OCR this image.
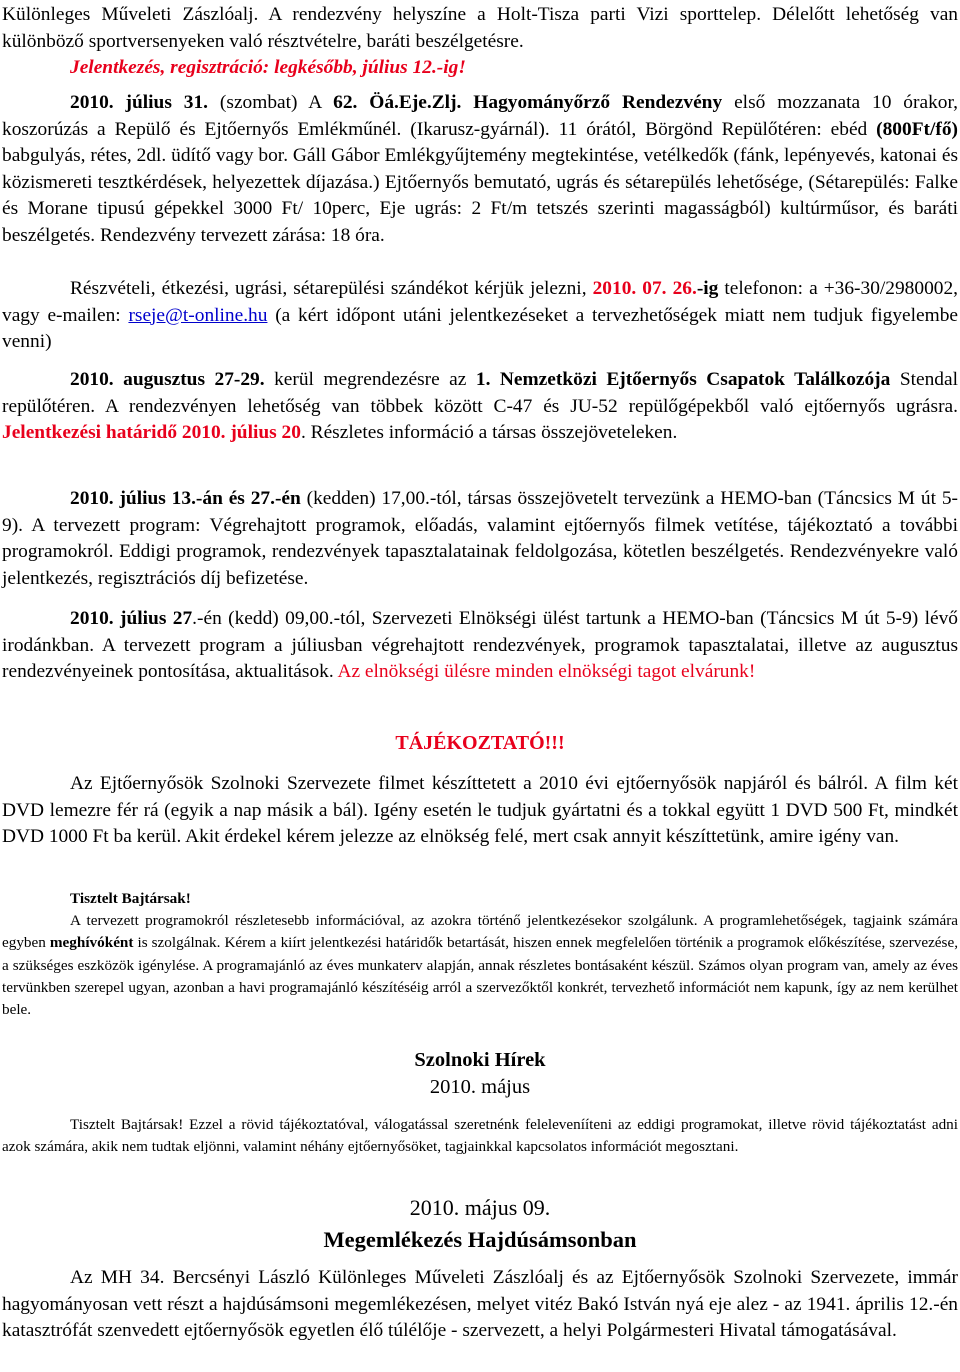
Különleges Műveleti Zászlóalj. A rendezvény helyszíne a Holt-Tisza parti Vizi sporttelep. Délelőtt lehetőség van különböző sportversenyeken való résztvételre, baráti beszélgetésre.
Jelentkezés, regisztráció: legkésőbb, július 12.-ig!

2010. július 31. (szombat) A 62. Öá.Eje.Zlj. Hagyományőrző Rendezvény első mozzanata 10 órakor, koszorúzás a Repülő és Ejtőernyős Emlékműnél. (Ikarusz-gyárnál). 11 órától, Börgönd Repülőtéren: ebéd (800Ft/fő) babgulyás, rétes, 2dl. üdítő vagy bor. Gáll Gábor Emlékgyűjtemény megtekintése, vetélkedők (fánk, lepényevés, katonai és közismereti tesztkérdések, helyezettek díjazása.) Ejtőernyős bemutató, ugrás és sétarepülés lehetősége, (Sétarepülés: Falke és Morane tipusú gépekkel 3000 Ft/ 10perc, Eje ugrás: 2 Ft/m tetszés szerinti magasságból) kultúrműsor, és baráti beszélgetés. Rendezvény tervezett zárása: 18 óra.

Részvételi, étkezési, ugrási, sétarepülési szándékot kérjük jelezni, 2010. 07. 26.-ig telefonon: a +36-30/2980002, vagy e-mailen: rseje@t-online.hu (a kért időpont utáni jelentkezéseket a tervezhetőségek miatt nem tudjuk figyelembe venni)

2010. augusztus 27-29. kerül megrendezésre az 1. Nemzetközi Ejtőernyős Csapatok Találkozója Stendal repülőtéren. A rendezvényen lehetőség van többek között C-47 és JU-52 repülőgépekből való ejtőernyős ugrásra. Jelentkezési határidő 2010. július 20. Részletes információ a társas összejöveteleken.

2010. július 13.-án és 27.-én (kedden) 17,00.-tól, társas összejövetelt tervezünk a HEMO-ban (Táncsics M út 5-9). A tervezett program: Végrehajtott programok, előadás, valamint ejtőernyős filmek vetítése, tájékoztató a további programokról. Eddigi programok, rendezvények tapasztalatainak feldolgozása, kötetlen beszélgetés. Rendezvényekre való jelentkezés, regisztrációs díj befizetése.

2010. július 27.-én (kedd) 09,00.-tól, Szervezeti Elnökségi ülést tartunk a HEMO-ban (Táncsics M út 5-9) lévő irodánkban. A tervezett program a júliusban végrehajtott rendezvények, programok tapasztalatai, illetve az augusztus rendezvényeinek pontosítása, aktualitások. Az elnökségi ülésre minden elnökségi tagot elvárunk!

TÁJÉKOZTATÓ!!!

Az Ejtőernyősök Szolnoki Szervezete filmet készíttetett a 2010 évi ejtőernyősök napjáról és bálról. A film két DVD lemezre fér rá (egyik a nap másik a bál). Igény esetén le tudjuk gyártatni és a tokkal együtt 1 DVD 500 Ft, mindkét DVD 1000 Ft ba kerül. Akit érdekel kérem jelezze az elnökség felé, mert csak annyit készíttetünk, amire igény van.

Tisztelt Bajtársak!

A tervezett programokról részletesebb információval, az azokra történő jelentkezésekor szolgálunk. A programlehetőségek, tagjaink számára egyben meghívóként is szolgálnak. Kérem a kiírt jelentkezési határidők betartását, hiszen ennek megfelelően történik a programok előkészítése, szervezése, a szükséges eszközök igénylése. A programajánló az éves munkaterv alapján, annak részletes bontásaként készül. Számos olyan program van, amely az éves tervünkben szerepel ugyan, azonban a havi programajánló készítéséig arról a szervezőktől konkrét, tervezhető információt nem kapunk, így az nem kerülhet bele.

Szolnoki Hírek
2010. május

Tisztelt Bajtársak! Ezzel a rövid tájékoztatóval, válogatással szeretnénk felelevenííteni az eddigi programokat, illetve rövid tájékoztatást adni azok számára, akik nem tudtak eljönni, valamint néhány ejtőernyősöket, tagjainkkal kapcsolatos információt megosztani.

2010. május 09.
Megemlékezés Hajdúsámsonban

Az MH 34. Bercsényi László Különleges Műveleti Zászlóalj és az Ejtőernyősök Szolnoki Szervezete, immár hagyományosan vett részt a hajdúsámsoni megemlékezésen, melyet vitéz Bakó István nyá eje alez - az 1941. április 12.-én katasztrófát szenvedett ejtőernyősök egyetlen élő túlélője - szervezett, a helyi Polgármesteri Hivatal támogatásával.
